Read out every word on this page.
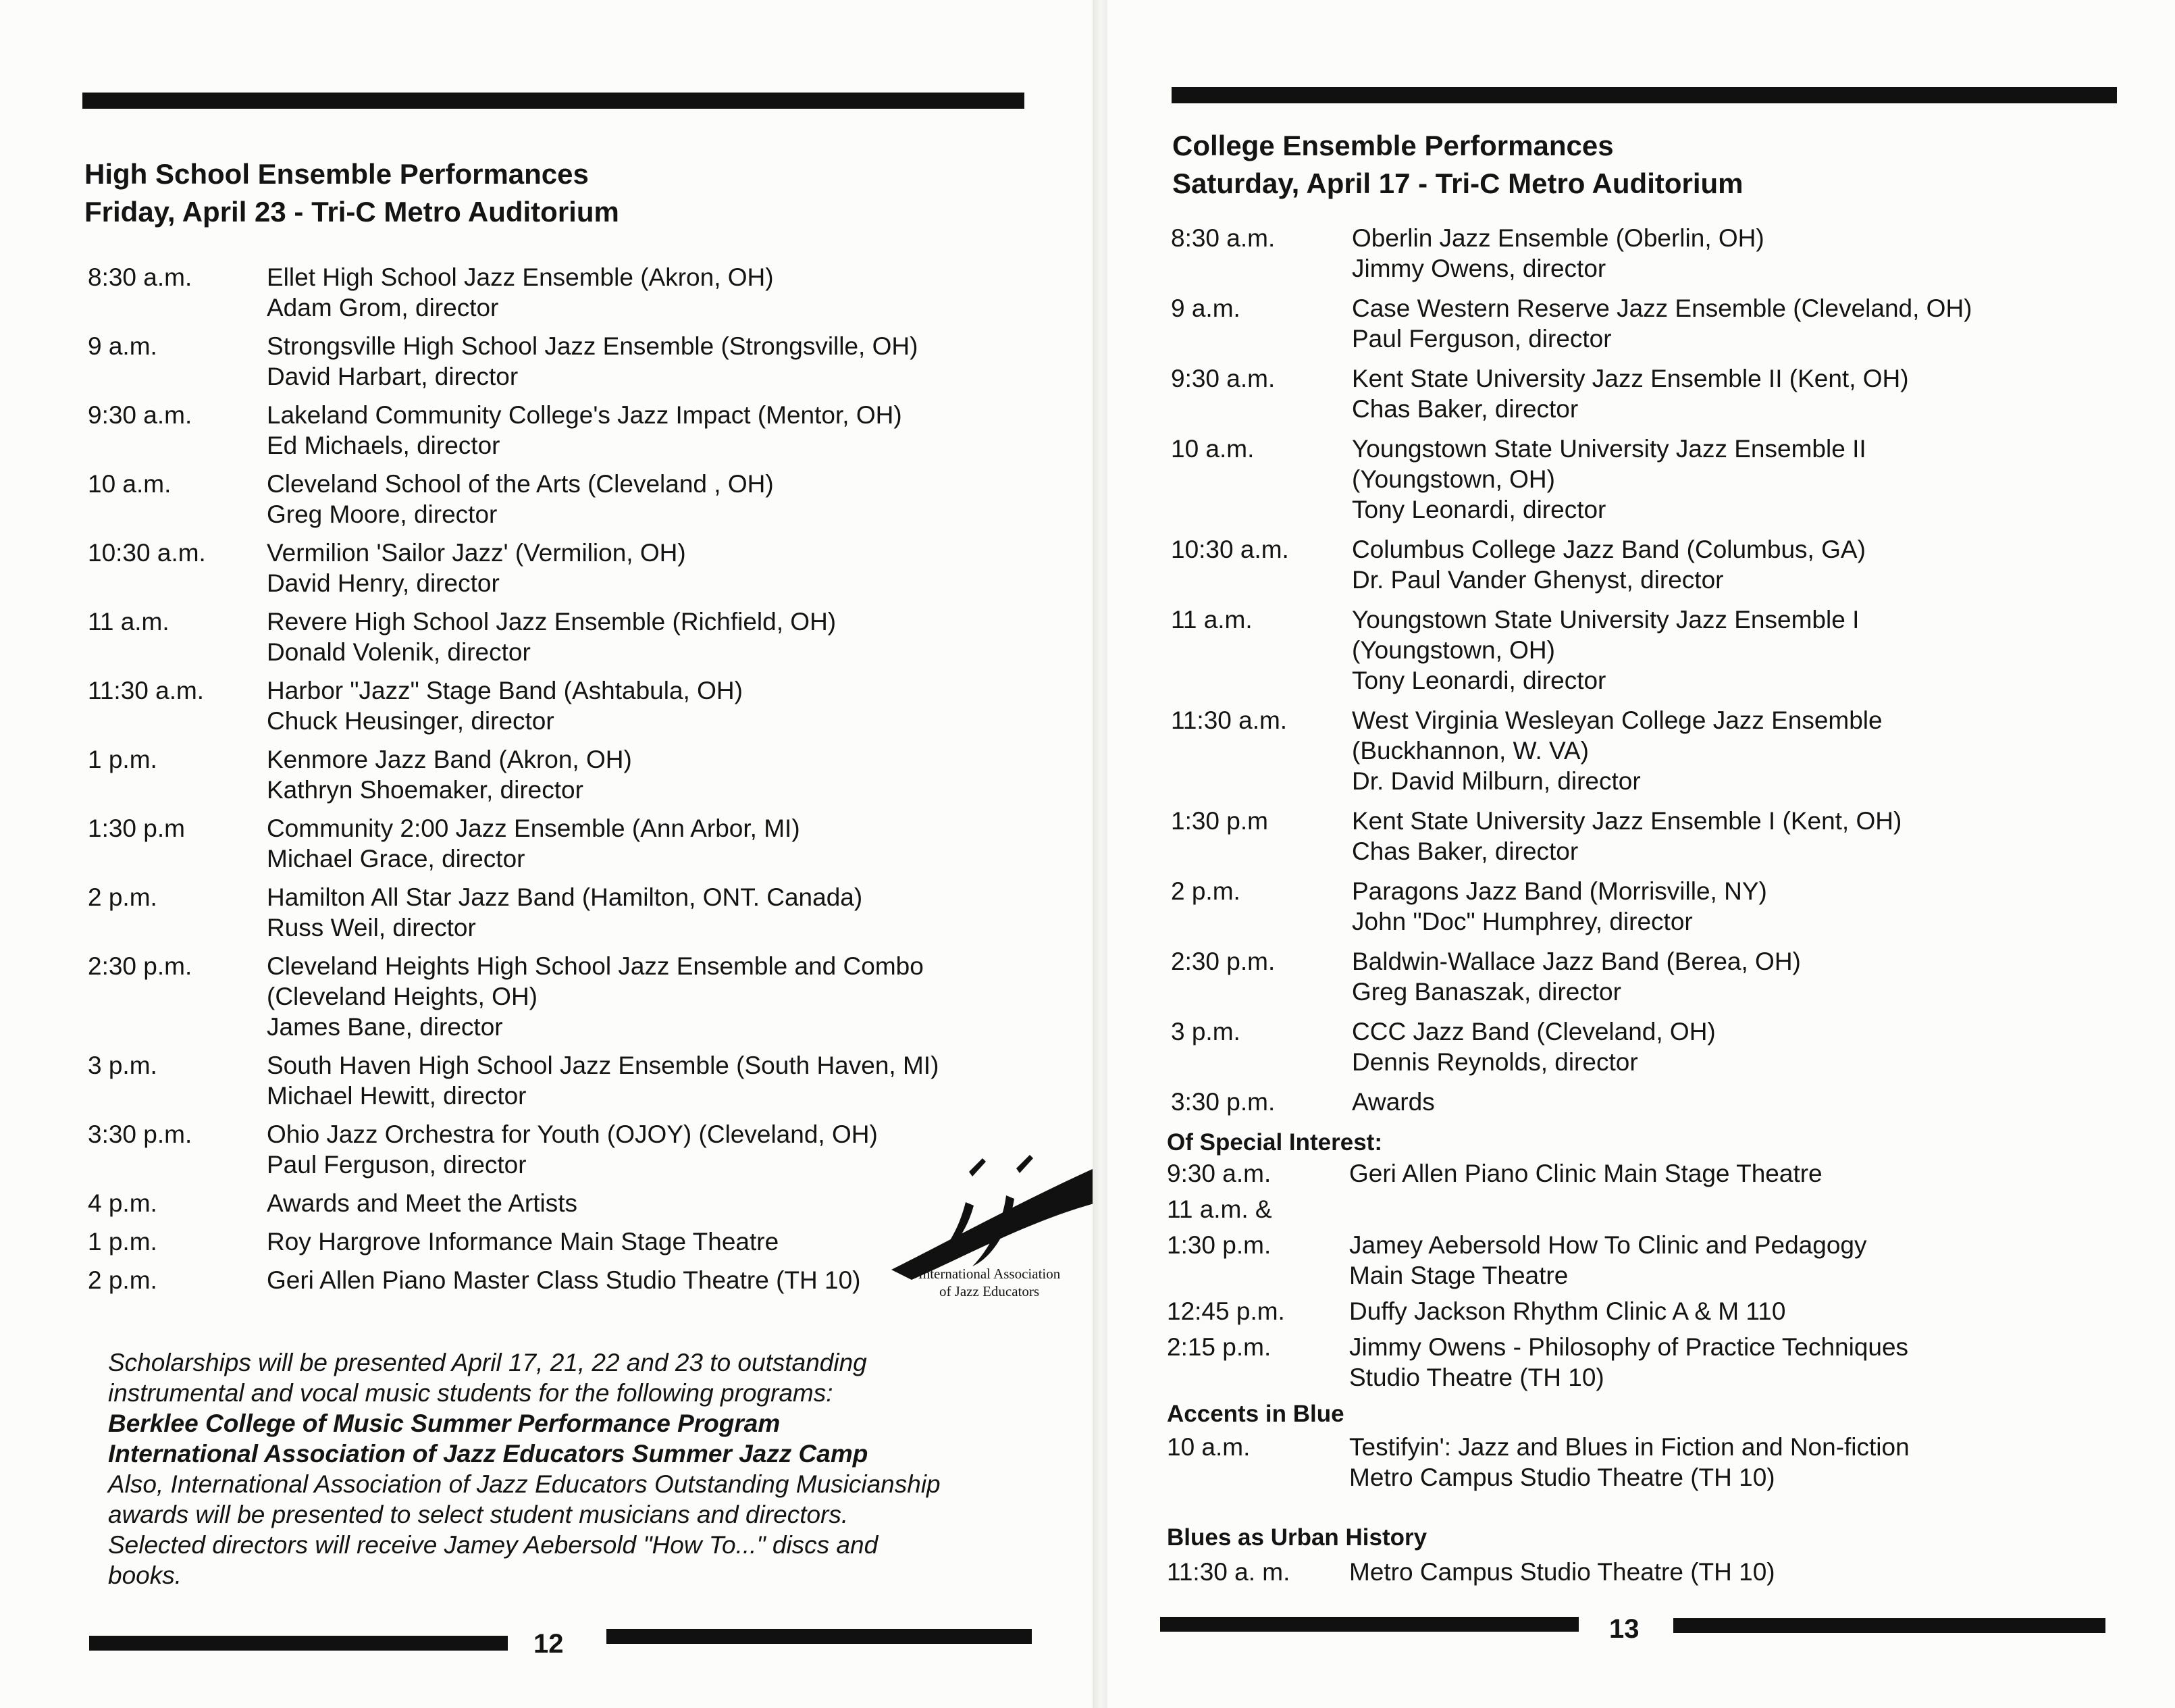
High School Ensemble Performances
Friday, April 23 - Tri-C Metro Auditorium
8:30 a.m.	Ellet High School Jazz Ensemble (Akron, OH)
Adam Grom, director
9 a.m.	Strongsville High School Jazz Ensemble (Strongsville, OH)
David Harbart, director
9:30 a.m.	Lakeland Community College's Jazz Impact (Mentor, OH)
Ed Michaels, director
10 a.m.	Cleveland School of the Arts (Cleveland , OH)
Greg Moore, director
10:30 a.m. Vermilion 'Sailor Jazz' (Vermilion, OH)
David Henry, director
11 a.m.	Revere High School Jazz Ensemble (Richfield, OH)
Donald Volenik, director
11:30 a.m.	Harbor "Jazz" Stage Band (Ashtabula, OH)
Chuck Heusinger, director
1 p.m.	Kenmore Jazz Band (Akron, OH)
Kathryn Shoemaker, director
1:30 p.m	Community 2:00 Jazz Ensemble (Ann Arbor, MI)
Michael Grace, director
2 p.m.	Hamilton All Star Jazz Band (Hamilton, ONT. Canada)
Russ Weil, director
2:30 p.m.	Cleveland Heights High School Jazz Ensemble and Combo
(Cleveland Heights, OH)
James Bane, director
3 p.m.	South Haven High School Jazz Ensemble (South Haven, MI)
Michael Hewitt, director
3:30 p.m.	Ohio Jazz Orchestra for Youth (OJOY) (Cleveland, OH)
Paul Ferguson, director
4 p.m.	Awards and Meet the Artists
1 p.m.	Roy Hargrove Informance Main Stage Theatre
2 p.m.	Geri Allen Piano Master Class Studio Theatre (TH 10)
Scholarships will be presented April 17, 21, 22 and 23 to outstanding
instrumental and vocal music students for the following programs:
Berklee College of Music Summer Performance Program
International Association of Jazz Educators Summer Jazz Camp
Also, International Association of Jazz Educators Outstanding Musicianship
awards will be presented to select student musicians and directors.
Selected directors will receive Jamey Aebersold "How To..." discs and
books.
International Association
of Jazz Educators
12
College Ensemble Performances
Saturday, April 17 - Tri-C Metro Auditorium
8:30 a.m.	Oberlin Jazz Ensemble (Oberlin, OH)
Jimmy Owens, director
9 a.m.	Case Western Reserve Jazz Ensemble (Cleveland, OH)
Paul Ferguson, director
9:30 a.m.	Kent State University Jazz Ensemble II (Kent, OH)
Chas Baker, director
10 a.m.	Youngstown State University Jazz Ensemble II
(Youngstown, OH)
Tony Leonardi, director
10:30 a.m.	Columbus College Jazz Band (Columbus, GA)
Dr. Paul Vander Ghenyst, director
11 a.m.	Youngstown State University Jazz Ensemble I
(Youngstown, OH)
Tony Leonardi, director
11:30 a.m.	West Virginia Wesleyan College Jazz Ensemble
(Buckhannon, W. VA)
Dr. David Milburn, director
1:30 p.m	Kent State University Jazz Ensemble I (Kent, OH)
Chas Baker, director
2 p.m.	Paragons Jazz Band (Morrisville, NY)
John "Doc" Humphrey, director
2:30 p.m.	Baldwin-Wallace Jazz Band (Berea, OH)
Greg Banaszak, director
3 p.m.	CCC Jazz Band (Cleveland, OH)
Dennis Reynolds, director
3:30 p.m.	Awards
Of Special Interest:
9:30 a.m.	Geri Allen Piano Clinic Main Stage Theatre
11 a.m. &

1:30 p.m.	Jamey Aebersold How To Clinic and Pedagogy
Main Stage Theatre
12:45 p.m.	Duffy Jackson Rhythm Clinic A & M 110
2:15 p.m.	Jimmy Owens - Philosophy of Practice Techniques
Studio Theatre (TH 10)
Accents in Blue
10 a.m.	Testifyin': Jazz and Blues in Fiction and Non-fiction
Metro Campus Studio Theatre (TH 10)
Blues as Urban History
11:30 a. m. Metro Campus Studio Theatre (TH 10)
13
